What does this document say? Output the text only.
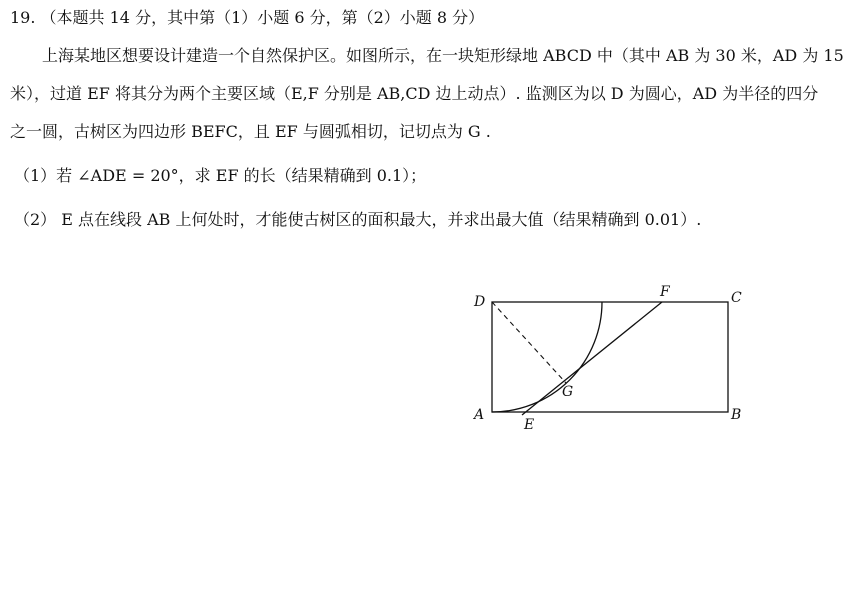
19. （本题共 14 分，其中第（1）小题 6 分，第（2）小题 8 分）
上海某地区想要设计建造一个自然保护区。如图所示，在一块矩形绿地 ABCD 中（其中 AB 为 30 米，AD 为 15
米），过道 EF 将其分为两个主要区域（E,F 分别是 AB,CD 边上动点）. 监测区为以 D 为圆心，AD 为半径的四分
之一圆，古树区为四边形 BEFC，且 EF 与圆弧相切，记切点为 G .
（1）若 ∠ADE = 20°，求 EF 的长（结果精确到 0.1）；
（2） E 点在线段 AB 上何处时，才能使古树区的面积最大，并求出最大值（结果精确到 0.01）.
D	C
A	B
E
F
G
